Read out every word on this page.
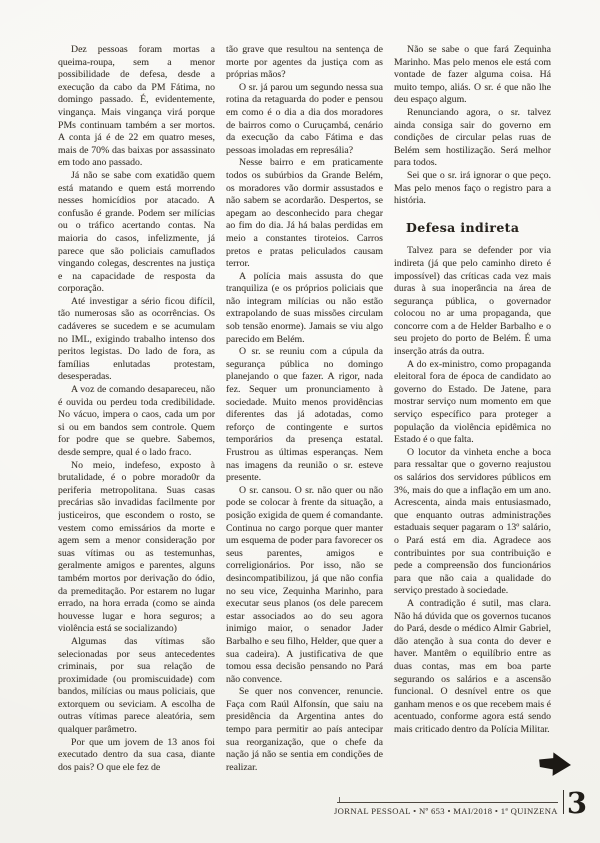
Dez pessoas foram mortas a queima-roupa, sem a menor possibilidade de defesa, desde a execução da cabo da PM Fátima, no domingo passado. É, evidentemente, vingança. Mais vingança virá porque PMs continuam também a ser mortos. A conta já é de 22 em quatro meses, mais de 70% das baixas por assassinato em todo ano passado.

Já não se sabe com exatidão quem está matando e quem está morrendo nesses homicídios por atacado. A confusão é grande. Podem ser milícias ou o tráfico acertando contas. Na maioria do casos, infelizmente, já parece que são policiais camuflados vingando colegas, descrentes na justiça e na capacidade de resposta da corporação.

Até investigar a sério ficou difícil, tão numerosas são as ocorrências. Os cadáveres se sucedem e se acumulam no IML, exigindo trabalho intenso dos peritos legistas. Do lado de fora, as famílias enlutadas protestam, desesperadas.

A voz de comando desapareceu, não é ouvida ou perdeu toda credibilidade. No vácuo, impera o caos, cada um por si ou em bandos sem controle. Quem for podre que se quebre. Sabemos, desde sempre, qual é o lado fraco.

No meio, indefeso, exposto à brutalidade, é o pobre morado0r da periferia metropolitana. Suas casas precárias são invadidas facilmente por justiceiros, que escondem o rosto, se vestem como emissários da morte e agem sem a menor consideração por suas vítimas ou as testemunhas, geralmente amigos e parentes, alguns também mortos por derivação do ódio, da premeditação. Por estarem no lugar errado, na hora errada (como se ainda houvesse lugar e hora seguros; a violência está se socializando)

Algumas das vítimas são selecionadas por seus antecedentes criminais, por sua relação de proximidade (ou promiscuidade) com bandos, milícias ou maus policiais, que extorquem ou seviciam. A escolha de outras vítimas parece aleatória, sem qualquer parâmetro.

Por que um jovem de 13 anos foi executado dentro da sua casa, diante dos pais? O que ele fez de

tão grave que resultou na sentença de morte por agentes da justiça com as próprias mãos?

O sr. já parou um segundo nessa sua rotina da retaguarda do poder e pensou em como é o dia a dia dos moradores de bairros como o Curuçambá, cenário da execução da cabo Fátima e das pessoas imoladas em represália?

Nesse bairro e em praticamente todos os subúrbios da Grande Belém, os moradores vão dormir assustados e não sabem se acordarão. Despertos, se apegam ao desconhecido para chegar ao fim do dia. Já há balas perdidas em meio a constantes tiroteios. Carros pretos e pratas peliculados causam terror.

A polícia mais assusta do que tranquiliza (e os próprios policiais que não integram milícias ou não estão extrapolando de suas missões circulam sob tensão enorme). Jamais se viu algo parecido em Belém.

O sr. se reuniu com a cúpula da segurança pública no domingo planejando o que fazer. A rigor, nada fez. Sequer um pronunciamento à sociedade. Muito menos providências diferentes das já adotadas, como reforço de contingente e surtos temporários da presença estatal. Frustrou as últimas esperanças. Nem nas imagens da reunião o sr. esteve presente.

O sr. cansou. O sr. não quer ou não pode se colocar à frente da situação, a posição exigida de quem é comandante. Continua no cargo porque quer manter um esquema de poder para favorecer os seus parentes, amigos e correligionários. Por isso, não se desincompatibilizou, já que não confia no seu vice, Zequinha Marinho, para executar seus planos (os dele parecem estar associados ao do seu agora inimigo maior, o senador Jader Barbalho e seu filho, Helder, que quer a sua cadeira). A justificativa de que tomou essa decisão pensando no Pará não convence.

Se quer nos convencer, renuncie. Faça com Raúl Alfonsín, que saiu na presidência da Argentina antes do tempo para permitir ao país antecipar sua reorganização, que o chefe da nação já não se sentia em condições de realizar.

Não se sabe o que fará Zequinha Marinho. Mas pelo menos ele está com vontade de fazer alguma coisa. Há muito tempo, aliás. O sr. é que não lhe deu espaço algum.

Renunciando agora, o sr. talvez ainda consiga sair do governo em condições de circular pelas ruas de Belém sem hostilização. Será melhor para todos.

Sei que o sr. irá ignorar o que peço. Mas pelo menos faço o registro para a história.

Defesa indireta

Talvez para se defender por via indireta (já que pelo caminho direto é impossível) das críticas cada vez mais duras à sua inoperância na área de segurança pública, o governador colocou no ar uma propaganda, que concorre com a de Helder Barbalho e o seu projeto do porto de Belém. É uma inserção atrás da outra.

A do ex-ministro, como propaganda eleitoral fora de época de candidato ao governo do Estado. De Jatene, para mostrar serviço num momento em que serviço específico para proteger a população da violência epidêmica no Estado é o que falta.

O locutor da vinheta enche a boca para ressaltar que o governo reajustou os salários dos servidores públicos em 3%, mais do que a inflação em um ano. Acrescenta, ainda mais entusiasmado, que enquanto outras administrações estaduais sequer pagaram o 13º salário, o Pará está em dia. Agradece aos contribuintes por sua contribuição e pede a compreensão dos funcionários para que não caia a qualidade do serviço prestado à sociedade.

A contradição é sutil, mas clara. Não há dúvida que os governos tucanos do Pará, desde o médico Almir Gabriel, dão atenção à sua conta do dever e haver. Mantêm o equilíbrio entre as duas contas, mas em boa parte segurando os salários e a ascensão funcional. O desnível entre os que ganham menos e os que recebem mais é acentuado, conforme agora está sendo mais criticado dentro da Polícia Militar.

JORNAL PESSOAL • Nº 653 • MAI/2018 • 1ª QUINZENA 3
